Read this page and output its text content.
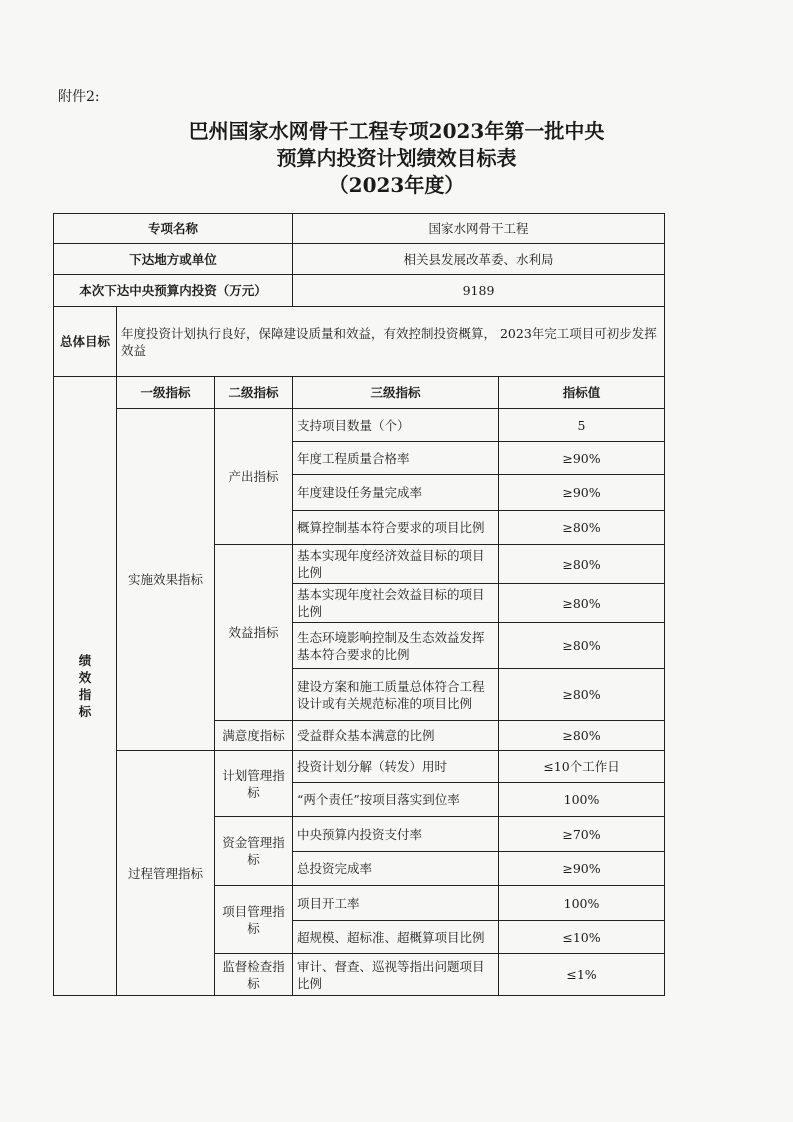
附件2:
巴州国家水网骨干工程专项2023年第一批中央
预算内投资计划绩效目标表
（2023年度）
专项名称			国家水网骨干工程	
下达地方或单位			相关县发展改革委、水利局	
本次下达中央预算内投资（万元）			9189	
总体目标	年度投资计划执行良好，保障建设质量和效益，有效控制投资概算， 2023年完工项目可初步发挥效益			
绩效指标	一级指标	二级指标	三级指标	指标值
	实施效果指标	产出指标	支持项目数量（个）	5
			年度工程质量合格率	≥90%
			年度建设任务量完成率	≥90%
			概算控制基本符合要求的项目比例	≥80%
		效益指标	基本实现年度经济效益目标的项目比例	≥80%
			基本实现年度社会效益目标的项目比例	≥80%
			生态环境影响控制及生态效益发挥基本符合要求的比例	≥80%
			建设方案和施工质量总体符合工程设计或有关规范标准的项目比例	≥80%
		满意度指标	受益群众基本满意的比例	≥80%
	过程管理指标	计划管理指标	投资计划分解（转发）用时	≤10个工作日
			“两个责任”按项目落实到位率	100%
		资金管理指标	中央预算内投资支付率	≥70%
			总投资完成率	≥90%
		项目管理指标	项目开工率	100%
			超规模、超标准、超概算项目比例	≤10%
		监督检查指标	审计、督查、巡视等指出问题项目比例	≤1%
